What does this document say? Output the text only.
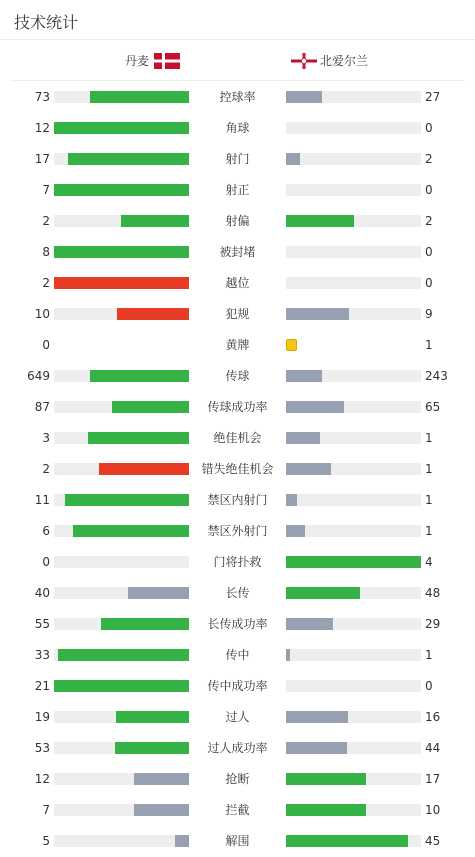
技术统计
丹麦	北爱尔兰
73	控球率	27
12	角球	0
17	射门	2
7	射正	0
2	射偏	2
8	被封堵	0
2	越位	0
10	犯规	9
0	黄牌	1
649	传球	243
87	传球成功率	65
3	绝佳机会	1
2	错失绝佳机会	1
11	禁区内射门	1
6	禁区外射门	1
0	门将扑救	4
40	长传	48
55	长传成功率	29
33	传中	1
21	传中成功率	0
19	过人	16
53	过人成功率	44
12	抢断	17
7	拦截	10
5	解围	45
